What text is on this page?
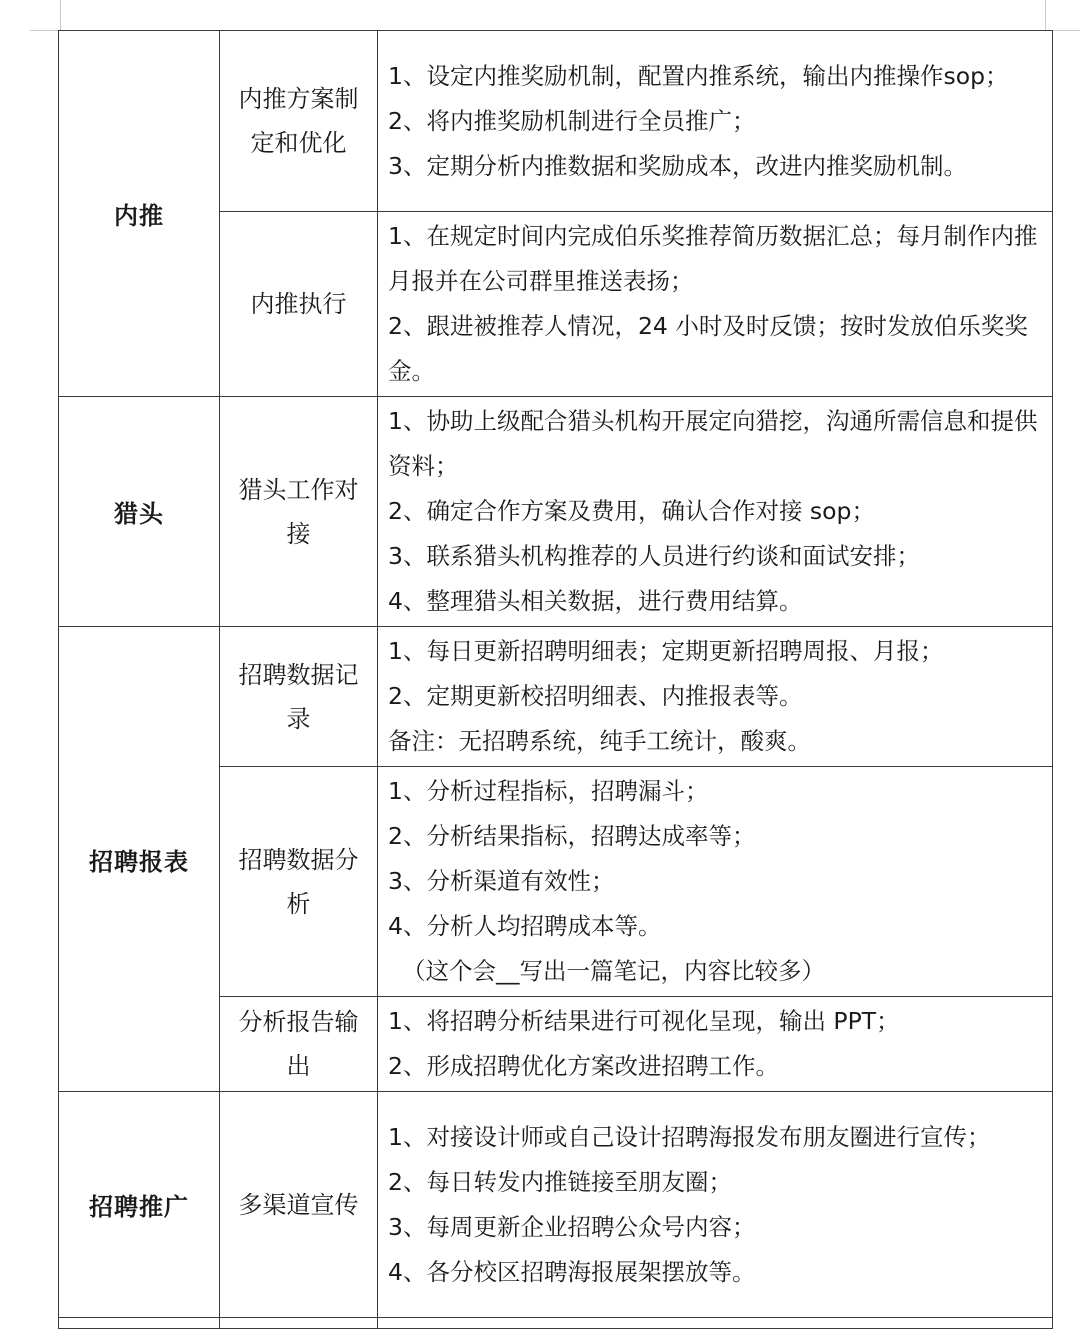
内推	内推方案制定和优化	1、设定内推奖励机制，配置内推系统，输出内推操作sop；
2、将内推奖励机制进行全员推广；
3、定期分析内推数据和奖励成本，改进内推奖励机制。

	内推执行	1、在规定时间内完成伯乐奖推荐简历数据汇总；每月制作内推月报并在公司群里推送表扬；
2、跟进被推荐人情况，24 小时及时反馈；按时发放伯乐奖奖金。

猎头	猎头工作对接	1、协助上级配合猎头机构开展定向猎挖，沟通所需信息和提供资料；
2、确定合作方案及费用，确认合作对接 sop；
3、联系猎头机构推荐的人员进行约谈和面试安排；
4、整理猎头相关数据，进行费用结算。

招聘报表	招聘数据记录	1、每日更新招聘明细表；定期更新招聘周报、月报；
2、定期更新校招明细表、内推报表等。
备注：无招聘系统，纯手工统计，酸爽。

	招聘数据分析	1、分析过程指标，招聘漏斗；
2、分析结果指标，招聘达成率等；
3、分析渠道有效性；
4、分析人均招聘成本等。
（这个会__写出一篇笔记，内容比较多）

	分析报告输出	1、将招聘分析结果进行可视化呈现，输出 PPT；
2、形成招聘优化方案改进招聘工作。

招聘推广	多渠道宣传	1、对接设计师或自己设计招聘海报发布朋友圈进行宣传；
2、每日转发内推链接至朋友圈；
3、每周更新企业招聘公众号内容；
4、各分校区招聘海报展架摆放等。
